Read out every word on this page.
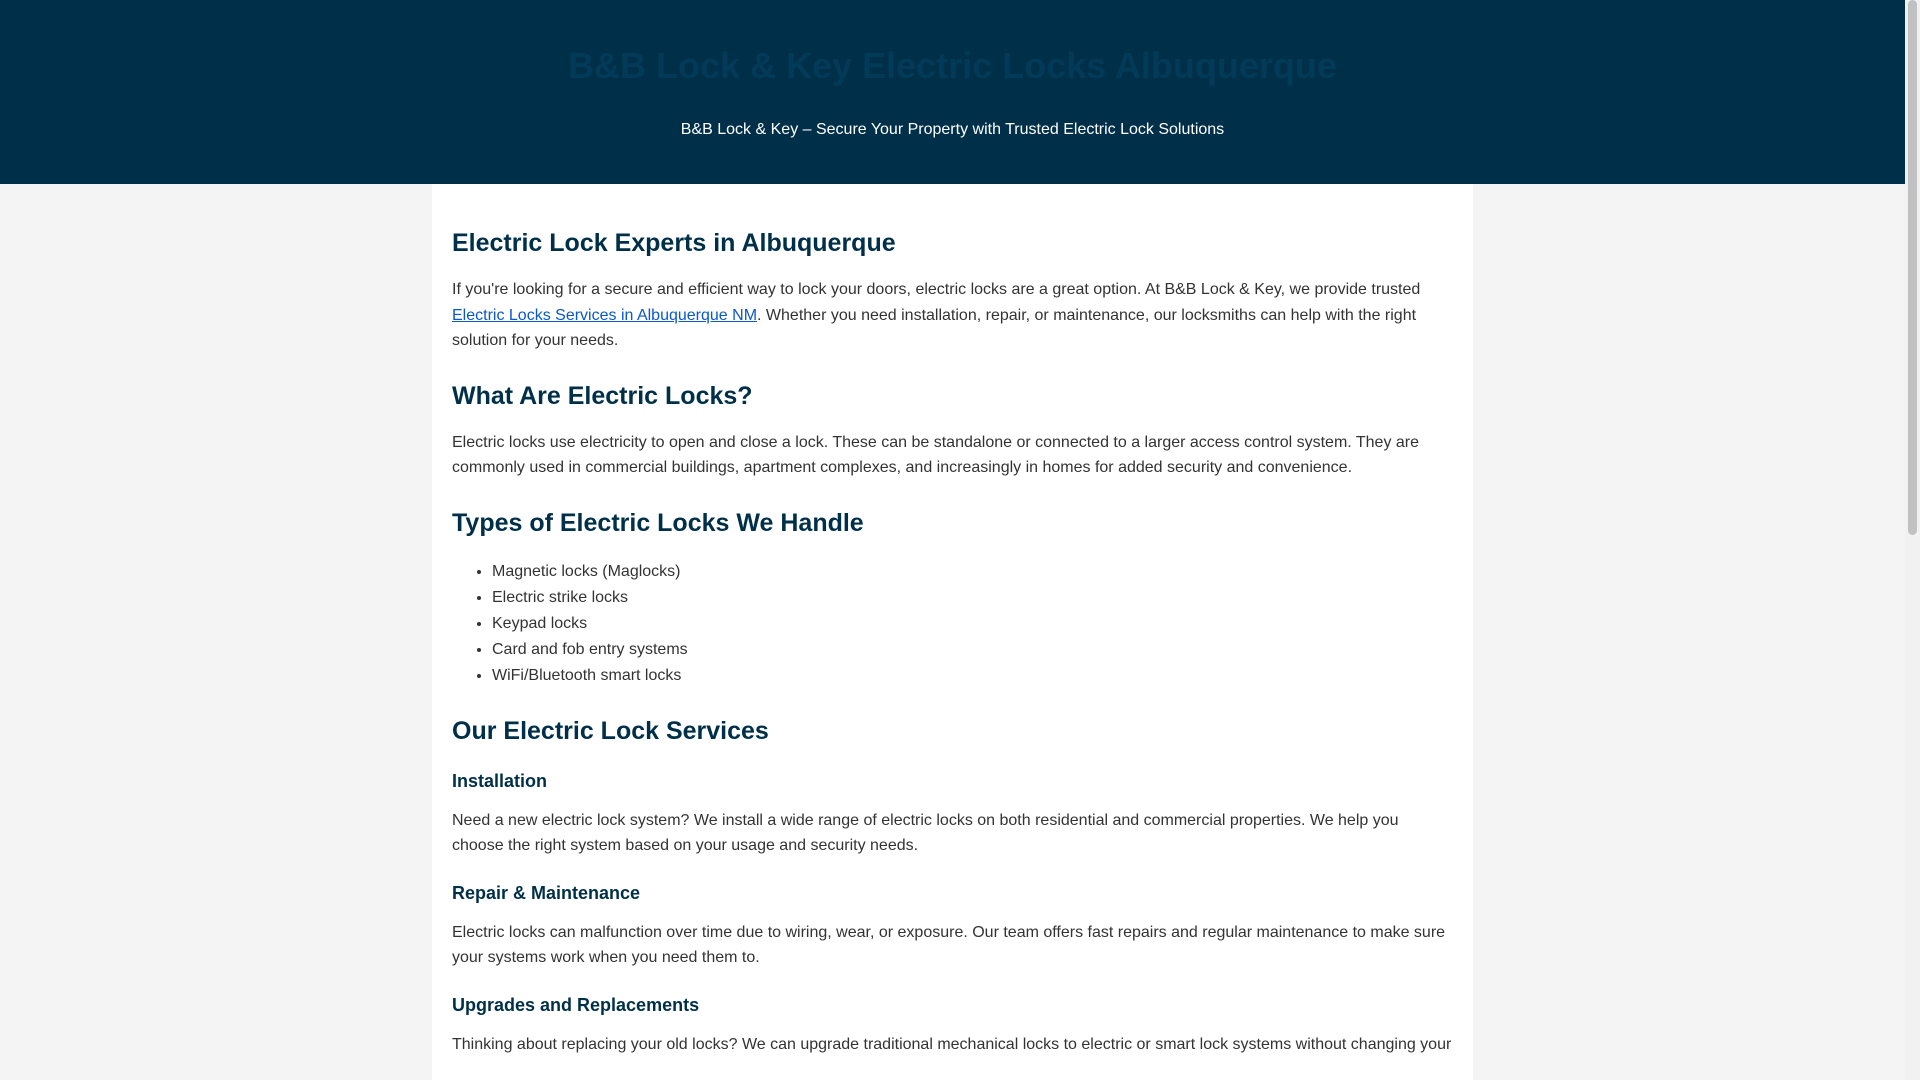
B&B Lock & Key Electric Locks Albuquerque

B&B Lock & Key – Secure Your Property with Trusted Electric Lock Solutions

Electric Lock Experts in Albuquerque

If you're looking for a secure and efficient way to lock your doors, electric locks are a great option. At B&B Lock & Key, we provide trusted Electric Locks Services in Albuquerque NM. Whether you need installation, repair, or maintenance, our locksmiths can help with the right solution for your needs.

What Are Electric Locks?

Electric locks use electricity to open and close a lock. These can be standalone or connected to a larger access control system. They are commonly used in commercial buildings, apartment complexes, and increasingly in homes for added security and convenience.

Types of Electric Locks We Handle
• Magnetic locks (Maglocks)
• Electric strike locks
• Keypad locks
• Card and fob entry systems
• WiFi/Bluetooth smart locks
Our Electric Lock Services
Installation

Need a new electric lock system? We install a wide range of electric locks on both residential and commercial properties. We help you choose the right system based on your usage and security needs.

Repair & Maintenance

Electric locks can malfunction over time due to wiring, wear, or exposure. Our team offers fast repairs and regular maintenance to make sure your systems work when you need them to.

Upgrades and Replacements

Thinking about replacing your old locks? We can upgrade traditional mechanical locks to electric or smart lock systems without changing your
